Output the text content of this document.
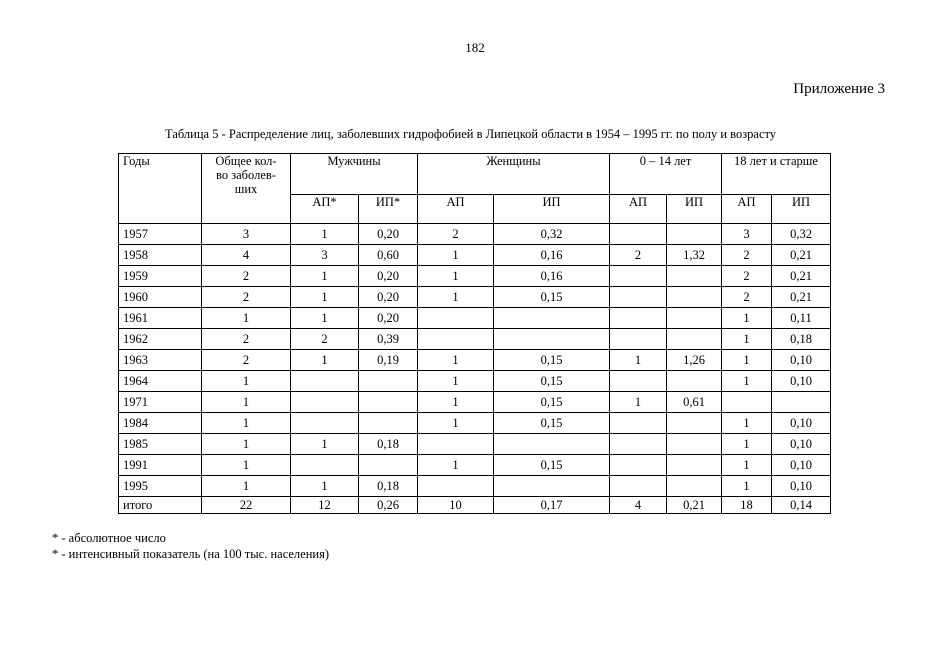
182
Приложение 3
Таблица 5 - Распределение лиц, заболевших гидрофобией в Липецкой области в 1954 – 1995 гг. по полу и возрасту
Годы	Общее кол-
во заболев-
ших	Мужчины		Женщины		0 – 14 лет		18 лет и старше	
		АП*	ИП*	АП	ИП	АП	ИП	АП	ИП
1957	3	1	0,20	2	0,32			3	0,32
1958	4	3	0,60	1	0,16	2	1,32	2	0,21
1959	2	1	0,20	1	0,16			2	0,21
1960	2	1	0,20	1	0,15			2	0,21
1961	1	1	0,20					1	0,11
1962	2	2	0,39					1	0,18
1963	2	1	0,19	1	0,15	1	1,26	1	0,10
1964	1			1	0,15			1	0,10
1971	1			1	0,15	1	0,61		
1984	1			1	0,15			1	0,10
1985	1	1	0,18					1	0,10
1991	1			1	0,15			1	0,10
1995	1	1	0,18					1	0,10
итого	22	12	0,26	10	0,17	4	0,21	18	0,14
* - абсолютное число
* - интенсивный показатель (на 100 тыс. населения)
